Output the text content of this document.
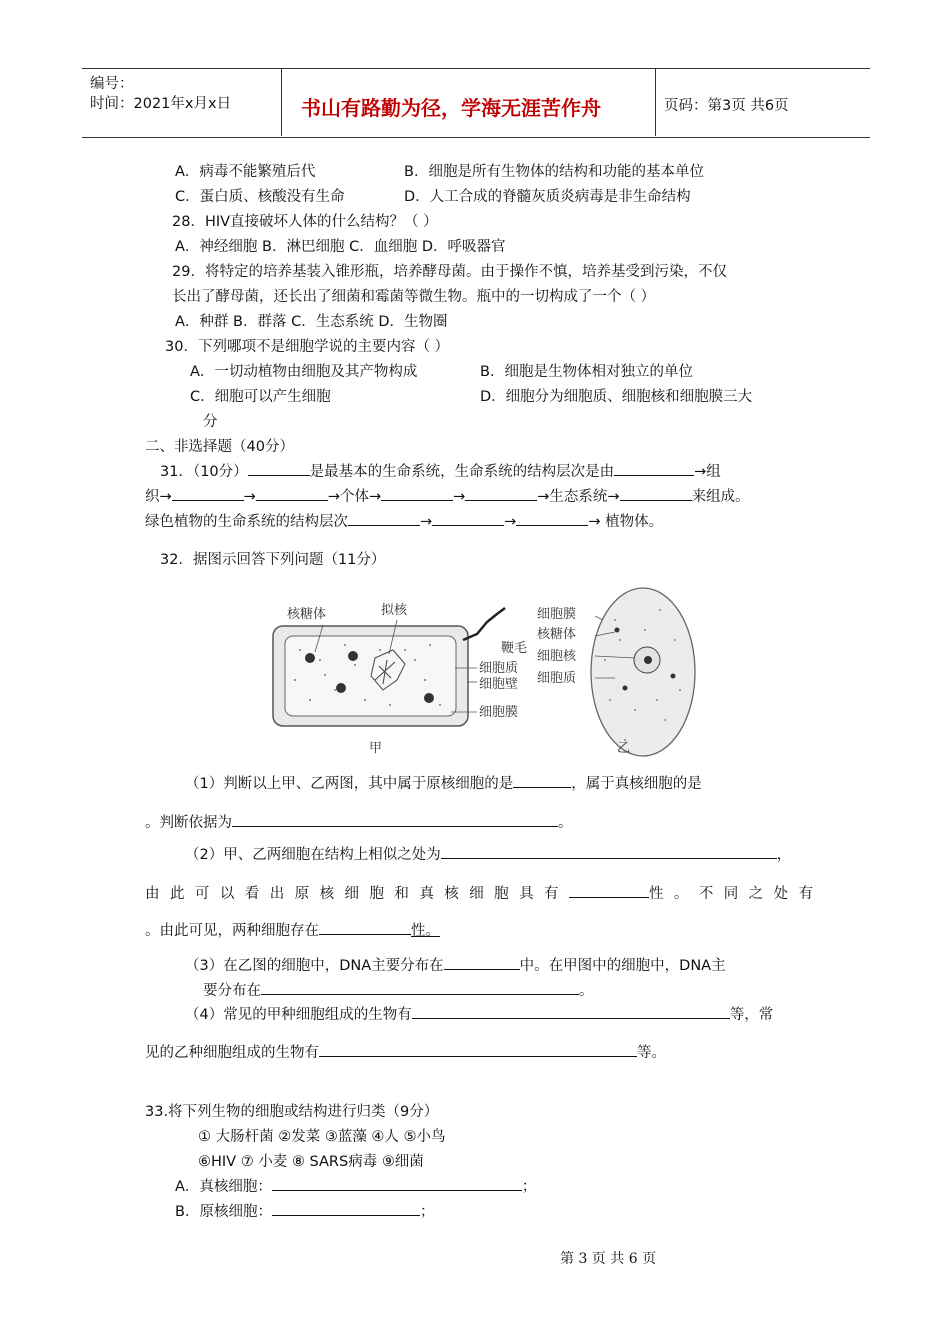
编号：
时间：2021年x月x日	书山有路勤为径，学海无涯苦作舟	页码：第3页 共6页
A．病毒不能繁殖后代	B．细胞是所有生物体的结构和功能的基本单位
C．蛋白质、核酸没有生命	D．人工合成的脊髓灰质炎病毒是非生命结构
28．HIV直接破坏人体的什么结构？（ ）
A．神经细胞 B．淋巴细胞 C．血细胞 D．呼吸器官
29．将特定的培养基装入锥形瓶，培养酵母菌。由于操作不慎，培养基受到污染，不仅
长出了酵母菌，还长出了细菌和霉菌等微生物。瓶中的一切构成了一个（ ）
A．种群 B．群落 C．生态系统 D．生物圈
30．下列哪项不是细胞学说的主要内容（ ）
A．一切动植物由细胞及其产物构成	B．细胞是生物体相对独立的单位
C．细胞可以产生细胞	D．细胞分为细胞质、细胞核和细胞膜三大
分
二、非选择题（40分）
31．（10分）	是最基本的生命系统，生命系统的结构层次是由	→组
织→	→	→个体→	→	→生态系统→	来组成。
绿色植物的生命系统的结构层次	→	→	→ 植物体。
32．据图示回答下列问题（11分）
核糖体	拟核
鞭毛
细胞质
细胞壁
细胞膜
甲
细胞膜
核糖体
细胞核
细胞质
乙
（1）判断以上甲、乙两图，其中属于原核细胞的是	，属于真核细胞的是
。判断依据为	。
（2）甲、乙两细胞在结构上相似之处为	，
由此可以看出原核细胞和真核细胞具有	性。不同之处有
。由此可见，两种细胞存在	性。
（3）在乙图的细胞中，DNA主要分布在	中。在甲图中的细胞中，DNA主
要分布在	。
（4）常见的甲种细胞组成的生物有	等，常
见的乙种细胞组成的生物有	等。
33.将下列生物的细胞或结构进行归类（9分）
① 大肠杆菌 ②发菜 ③蓝藻 ④人 ⑤小鸟
⑥HIV ⑦ 小麦 ⑧ SARS病毒 ⑨细菌
A．真核细胞：	；
B．原核细胞：	；
第 3 页 共 6 页
